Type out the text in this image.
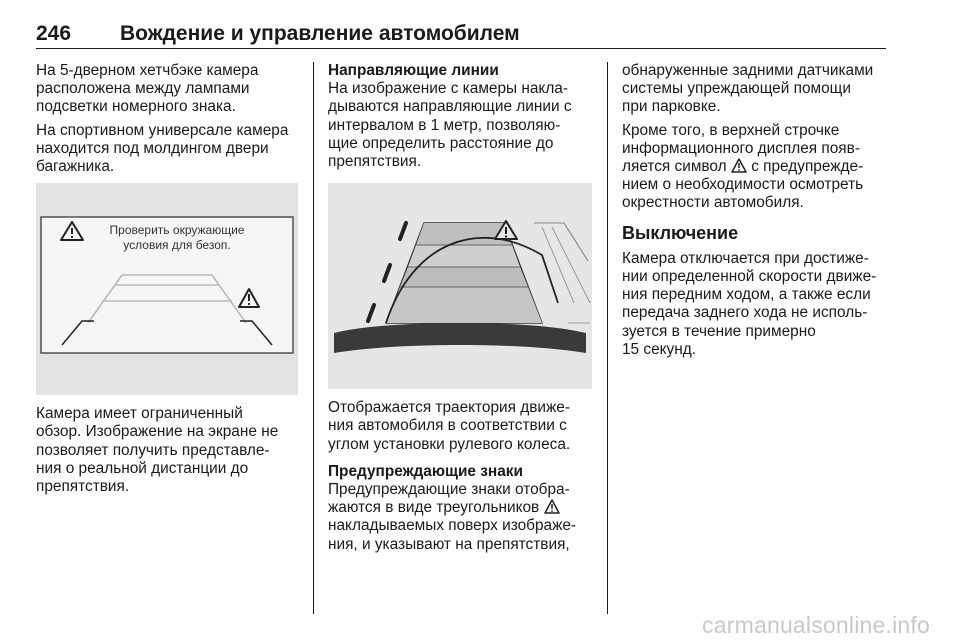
246 Вождение и управление автомобилем

На 5-дверном хетчбэке камера
расположена между лампами
подсветки номерного знака.

На спортивном универсале камера
находится под молдингом двери
багажника.

Проверить окружающие
условия для безоп.

Камера имеет ограниченный
обзор. Изображение на экране не
позволяет получить представле-
ния о реальной дистанции до
препятствия.

Направляющие линии

На изображение с камеры накла-
дываются направляющие линии с
интервалом в 1 метр, позволяю-
щие определить расстояние до
препятствия.

Отображается траектория движе-
ния автомобиля в соответствии с
углом установки рулевого колеса.

Предупреждающие знаки

Предупреждающие знаки отобра-
жаются в виде треугольников
накладываемых поверх изображе-
ния, и указывают на препятствия,

обнаруженные задними датчиками
системы упреждающей помощи
при парковке.

Кроме того, в верхней строчке
информационного дисплея появ-
ляется символ с предупрежде-
нием о необходимости осмотреть
окрестности автомобиля.

Выключение

Камера отключается при достиже-
нии определенной скорости движе-
ния передним ходом, а также если
передача заднего хода не исполь-
зуется в течение примерно
15 секунд.

carmanualsonline.info
